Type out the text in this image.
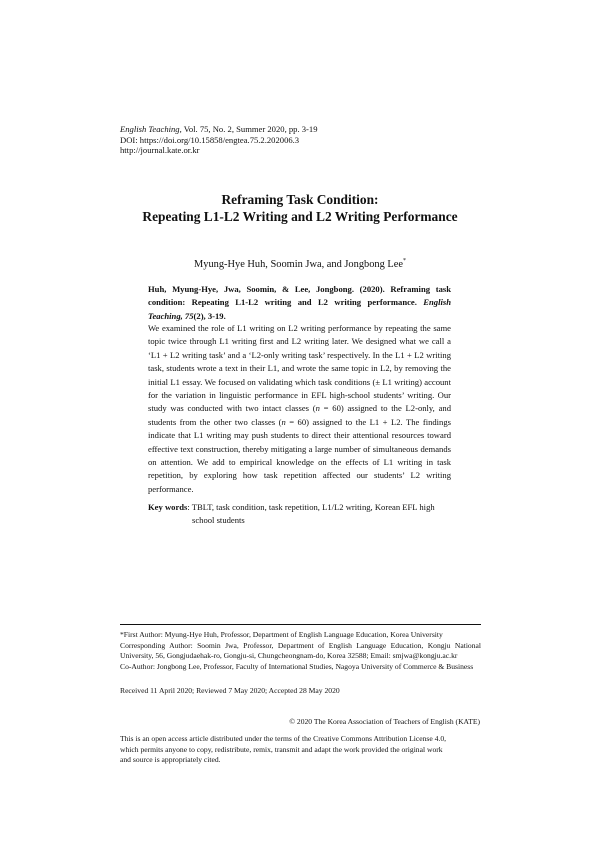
English Teaching, Vol. 75, No. 2, Summer 2020, pp. 3-19
DOI: https://doi.org/10.15858/engtea.75.2.202006.3
http://journal.kate.or.kr
Reframing Task Condition:
Repeating L1-L2 Writing and L2 Writing Performance
Myung-Hye Huh, Soomin Jwa, and Jongbong Lee*
Huh, Myung-Hye, Jwa, Soomin, & Lee, Jongbong. (2020). Reframing task condition: Repeating L1-L2 writing and L2 writing performance. English Teaching, 75(2), 3-19.
We examined the role of L1 writing on L2 writing performance by repeating the same topic twice through L1 writing first and L2 writing later. We designed what we call a ‘L1 + L2 writing task’ and a ‘L2-only writing task’ respectively. In the L1 + L2 writing task, students wrote a text in their L1, and wrote the same topic in L2, by removing the initial L1 essay. We focused on validating which task conditions (± L1 writing) account for the variation in linguistic performance in EFL high-school students’ writing. Our study was conducted with two intact classes (n = 60) assigned to the L2-only, and students from the other two classes (n = 60) assigned to the L1 + L2. The findings indicate that L1 writing may push students to direct their attentional resources toward effective text construction, thereby mitigating a large number of simultaneous demands on attention. We add to empirical knowledge on the effects of L1 writing in task repetition, by exploring how task repetition affected our students’ L2 writing performance.
Key words: TBLT, task condition, task repetition, L1/L2 writing, Korean EFL high
school students
*First Author: Myung-Hye Huh, Professor, Department of English Language Education, Korea University
Corresponding Author: Soomin Jwa, Professor, Department of English Language Education, Kongju National University, 56, Gongjudaehak-ro, Gongju-si, Chungcheongnam-do, Korea 32588; Email: smjwa@kongju.ac.kr
Co-Author: Jongbong Lee, Professor, Faculty of International Studies, Nagoya University of Commerce & Business
Received 11 April 2020; Reviewed 7 May 2020; Accepted 28 May 2020
© 2020 The Korea Association of Teachers of English (KATE)
This is an open access article distributed under the terms of the Creative Commons Attribution License 4.0,
which permits anyone to copy, redistribute, remix, transmit and adapt the work provided the original work
and source is appropriately cited.
